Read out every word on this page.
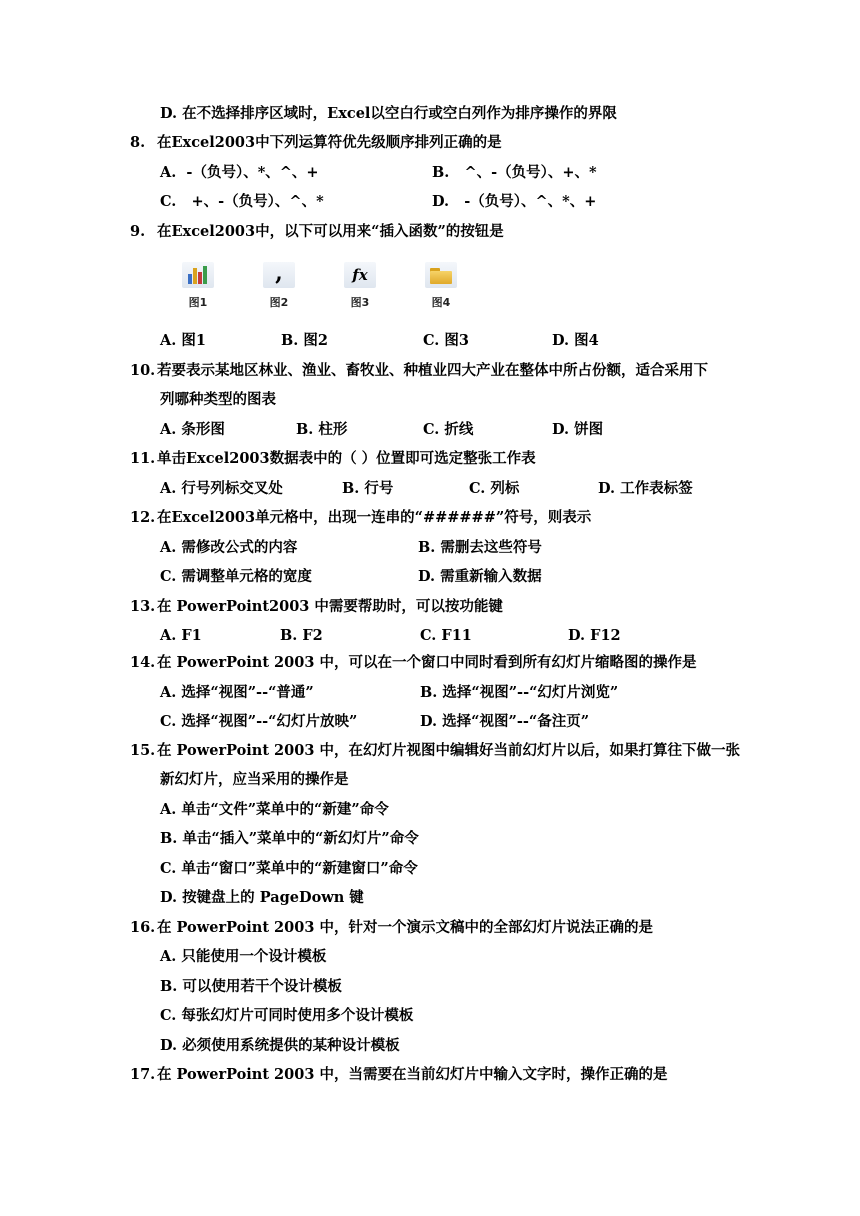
D. 在不选择排序区域时，Excel以空白行或空白列作为排序操作的界限
8. 在Excel2003中下列运算符优先级顺序排列正确的是
A. -（负号）、*、^、+	B. ^、-（负号）、+、*
C. +、-（负号）、^、*	D. -（负号）、^、*、+
9. 在Excel2003中，以下可以用来“插入函数”的按钮是
图1
,
图2
fx
图3	图4
A. 图1	B. 图2	C. 图3	D. 图4
10. 若要表示某地区林业、渔业、畜牧业、种植业四大产业在整体中所占份额，适合采用下
列哪种类型的图表
A. 条形图	B. 柱形	C. 折线	D. 饼图
11. 单击Excel2003数据表中的（ ）位置即可选定整张工作表
A. 行号列标交叉处	B. 行号	C. 列标	D. 工作表标签
12. 在Excel2003单元格中，出现一连串的“######”符号，则表示
A. 需修改公式的内容	B. 需删去这些符号
C. 需调整单元格的宽度	D. 需重新输入数据
13. 在 PowerPoint2003 中需要帮助时，可以按功能键
A. F1	B. F2	C. F11	D. F12
14. 在 PowerPoint 2003 中，可以在一个窗口中同时看到所有幻灯片缩略图的操作是
A. 选择“视图”--“普通”	B. 选择“视图”--“幻灯片浏览”
C. 选择“视图”--“幻灯片放映”	D. 选择“视图”--“备注页”
15. 在 PowerPoint 2003 中，在幻灯片视图中编辑好当前幻灯片以后，如果打算往下做一张
新幻灯片，应当采用的操作是
A. 单击“文件”菜单中的“新建”命令
B. 单击“插入”菜单中的“新幻灯片”命令
C. 单击“窗口”菜单中的“新建窗口”命令
D. 按键盘上的 PageDown 键
16. 在 PowerPoint 2003 中，针对一个演示文稿中的全部幻灯片说法正确的是
A. 只能使用一个设计模板
B. 可以使用若干个设计模板
C. 每张幻灯片可同时使用多个设计模板
D. 必须使用系统提供的某种设计模板
17. 在 PowerPoint 2003 中，当需要在当前幻灯片中输入文字时，操作正确的是
